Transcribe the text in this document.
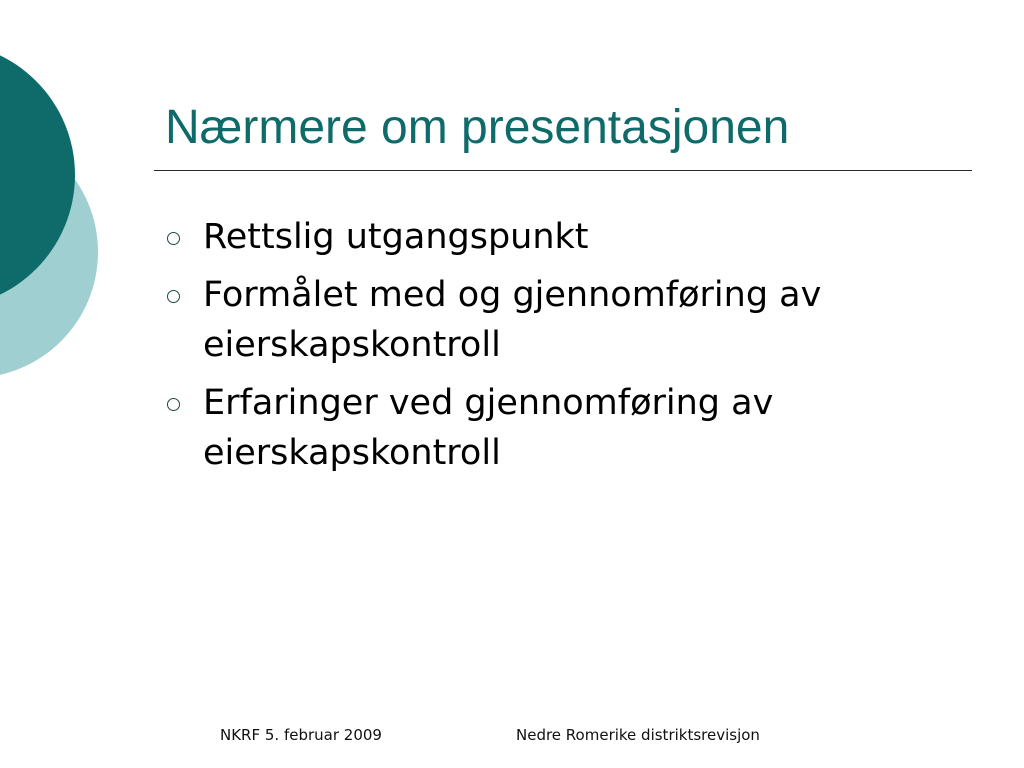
Nærmere om presentasjonen
Rettslig utgangspunkt
Formålet med og gjennomføring av eierskapskontroll
Erfaringer ved gjennomføring av eierskapskontroll
NKRF 5. februar 2009	Nedre Romerike distriktsrevisjon
